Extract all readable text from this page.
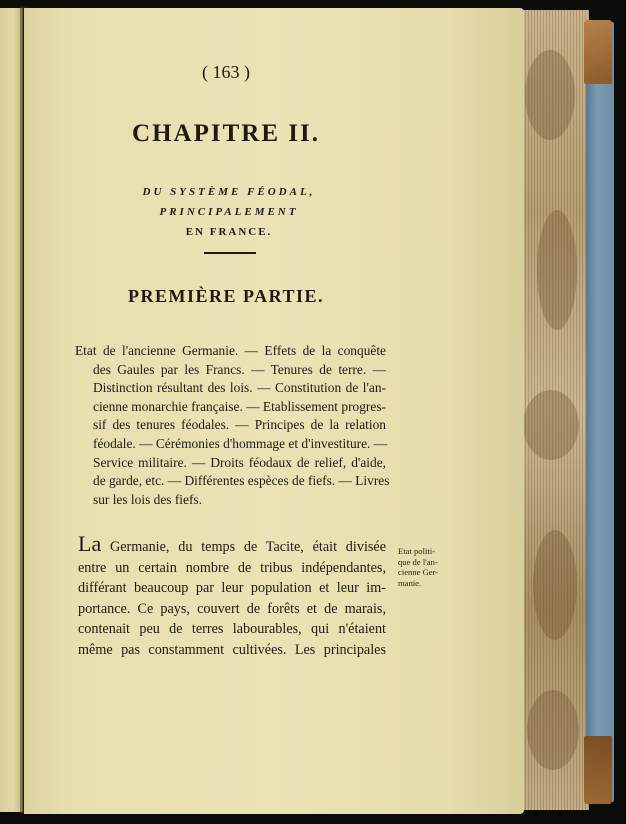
( 163 )
CHAPITRE II.
DU SYSTÈME FÉODAL, PRINCIPALEMENT
EN FRANCE.
PREMIÈRE PARTIE.
Etat de l'ancienne Germanie. — Effets de la conquête
des Gaules par les Francs. — Tenures de terre. —
Distinction résultant des lois. — Constitution de l'an-
cienne monarchie française. — Etablissement progres-
sif des tenures féodales. — Principes de la relation
féodale. — Cérémonies d'hommage et d'investiture. —
Service militaire. — Droits féodaux de relief, d'aide,
de garde, etc. — Différentes espèces de fiefs. — Livres
sur les lois des fiefs.
La Germanie, du temps de Tacite, était divisée
entre un certain nombre de tribus indépendantes,
différant beaucoup par leur population et leur im-
portance. Ce pays, couvert de forêts et de marais,
contenait peu de terres labourables, qui n'étaient
même pas constamment cultivées. Les principales
Etat politi-
que de l'an-
cienne Ger-
manie.
